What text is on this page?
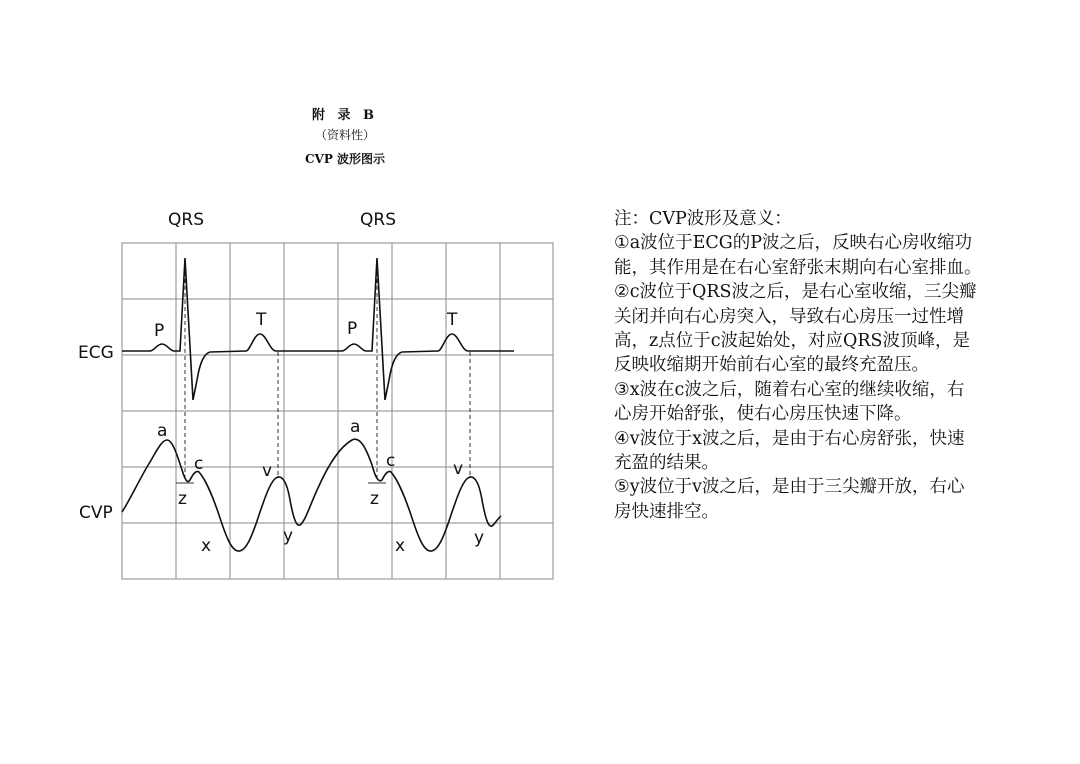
附 录 B
（资料性）
CVP 波形图示
QRS	QRS
P	P
T	T
ECG
CVP
a	a
c	c
v	v
z	z
x	x
y	y
注：CVP波形及意义：
①a波位于ECG的P波之后，反映右心房收缩功
能，其作用是在右心室舒张末期向右心室排血。
②c波位于QRS波之后，是右心室收缩，三尖瓣
关闭并向右心房突入，导致右心房压一过性增
高，z点位于c波起始处，对应QRS波顶峰，是
反映收缩期开始前右心室的最终充盈压。
③x波在c波之后，随着右心室的继续收缩，右
心房开始舒张，使右心房压快速下降。
④v波位于x波之后，是由于右心房舒张，快速
充盈的结果。
⑤y波位于v波之后，是由于三尖瓣开放，右心
房快速排空。
